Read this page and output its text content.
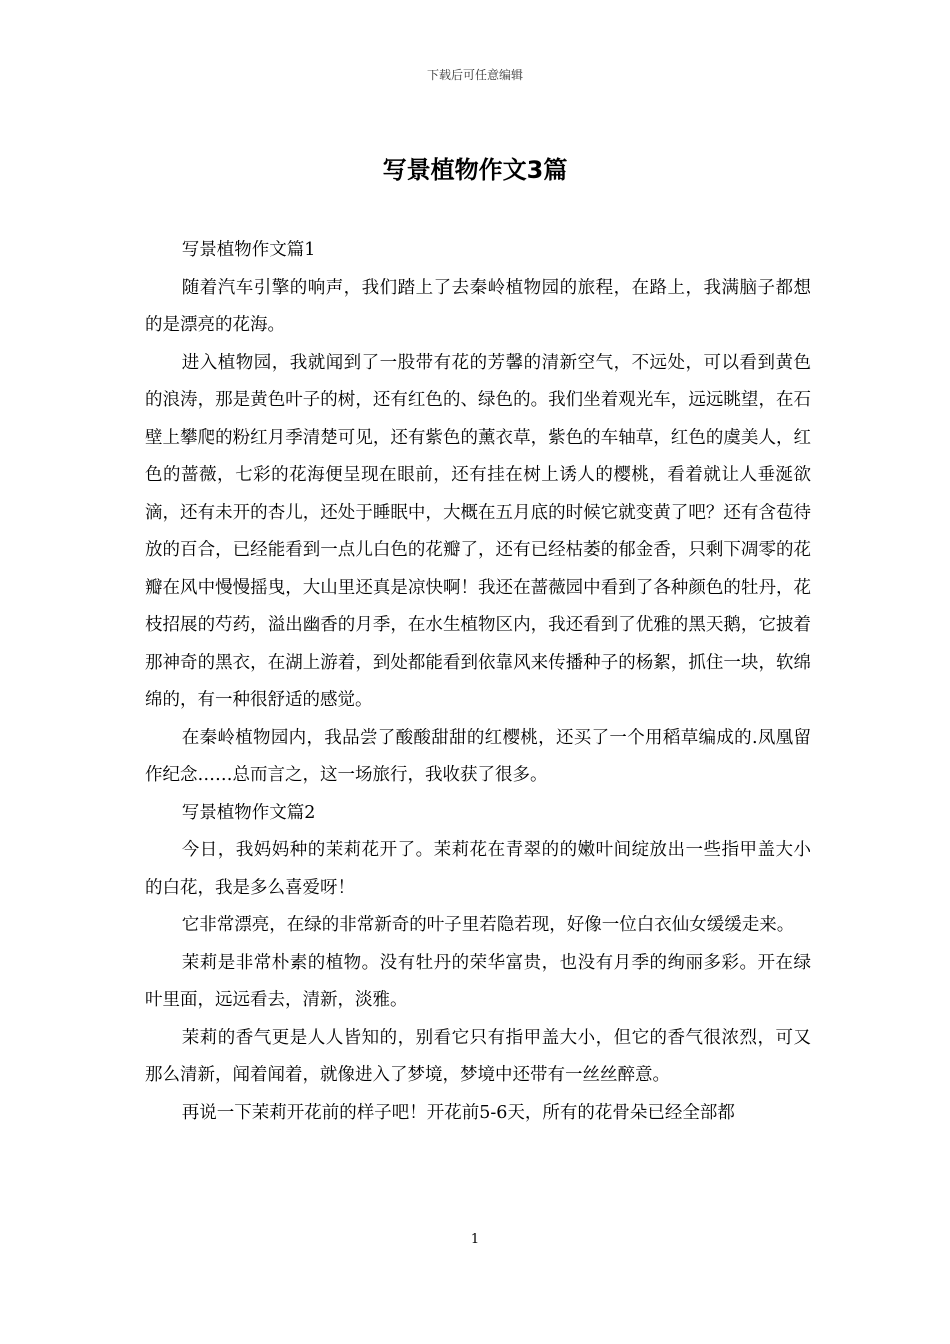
下载后可任意编辑
写景植物作文3篇

写景植物作文篇1

随着汽车引擎的响声，我们踏上了去秦岭植物园的旅程，在路上，我满脑子都想的是漂亮的花海。

进入植物园，我就闻到了一股带有花的芳馨的清新空气，不远处，可以看到黄色的浪涛，那是黄色叶子的树，还有红色的、绿色的。我们坐着观光车，远远眺望，在石壁上攀爬的粉红月季清楚可见，还有紫色的薰衣草，紫色的车轴草，红色的虞美人，红色的蔷薇，七彩的花海便呈现在眼前，还有挂在树上诱人的樱桃，看着就让人垂涎欲滴，还有未开的杏儿，还处于睡眠中，大概在五月底的时候它就变黄了吧？还有含苞待放的百合，已经能看到一点儿白色的花瓣了，还有已经枯萎的郁金香，只剩下凋零的花瓣在风中慢慢摇曳，大山里还真是凉快啊！我还在蔷薇园中看到了各种颜色的牡丹，花枝招展的芍药，溢出幽香的月季，在水生植物区内，我还看到了优雅的黑天鹅，它披着那神奇的黑衣，在湖上游着，到处都能看到依靠风来传播种子的杨絮，抓住一块，软绵绵的，有一种很舒适的感觉。

在秦岭植物园内，我品尝了酸酸甜甜的红樱桃，还买了一个用稻草编成的.凤凰留作纪念……总而言之，这一场旅行，我收获了很多。

写景植物作文篇2

今日，我妈妈种的茉莉花开了。茉莉花在青翠的的嫩叶间绽放出一些指甲盖大小的白花，我是多么喜爱呀！

它非常漂亮，在绿的非常新奇的叶子里若隐若现，好像一位白衣仙女缓缓走来。

茉莉是非常朴素的植物。没有牡丹的荣华富贵，也没有月季的绚丽多彩。开在绿叶里面，远远看去，清新，淡雅。

茉莉的香气更是人人皆知的，别看它只有指甲盖大小，但它的香气很浓烈，可又那么清新，闻着闻着，就像进入了梦境，梦境中还带有一丝丝醉意。

再说一下茉莉开花前的样子吧！开花前5-6天，所有的花骨朵已经全部都

1
